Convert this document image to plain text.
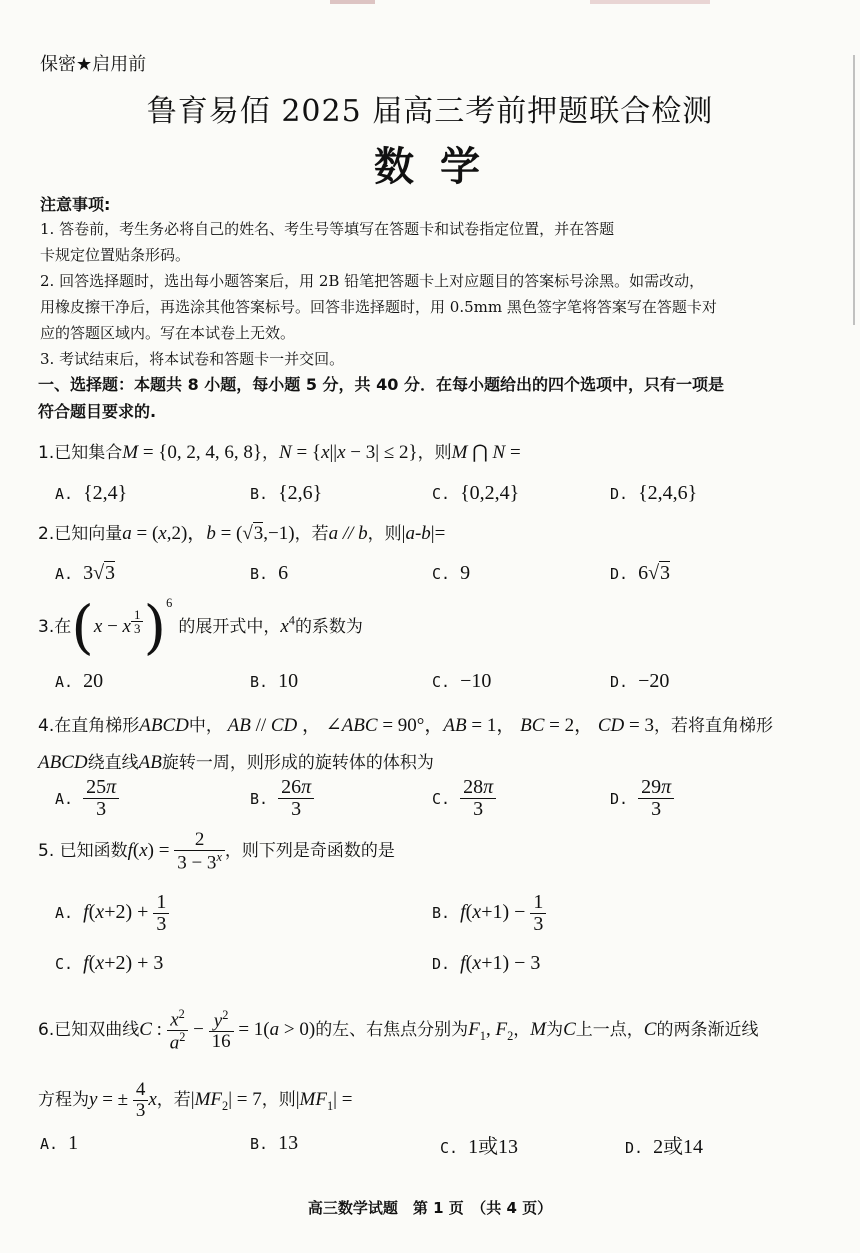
保密★启用前
鲁育易佰 2025 届高三考前押题联合检测
数 学
注意事项:
1. 答卷前，考生务必将自己的姓名、考生号等填写在答题卡和试卷指定位置，并在答题
卡规定位置贴条形码。
2. 回答选择题时，选出每小题答案后，用 2B 铅笔把答题卡上对应题目的答案标号涂黑。如需改动，
用橡皮擦干净后，再选涂其他答案标号。回答非选择题时，用 0.5mm 黑色签字笔将答案写在答题卡对
应的答题区域内。写在本试卷上无效。
3. 考试结束后，将本试卷和答题卡一并交回。
一、选择题：本题共 8 小题，每小题 5 分，共 40 分．在每小题给出的四个选项中，只有一项是
符合题目要求的.
1.已知集合M = {0, 2, 4, 6, 8}，N = {x||x − 3| ≤ 2}，则M ⋂ N =
A. {2,4}	B. {2,6}	C. {0,2,4}	D. {2,4,6}
2.已知向量a = (x,2)，b = (√3,−1)，若a // b，则|a-b|=
A. 3√3	B. 6	C. 9	D. 6√3
3.在(x − x $^{\frac{1}{3}}$ )$^6$ 的展开式中，$x^4$的系数为
A. 20	B. 10	C. −10	D. −20
4.在直角梯形ABCD中， AB // CD ， ∠ABC = 90°，AB = 1， BC = 2， CD = 3，若将直角梯形
ABCD绕直线AB旋转一周，则形成的旋转体的体积为
A. $\frac{25\pi}{3}$	B. $\frac{26\pi}{3}$	C. $\frac{28\pi}{3}$	D. $\frac{29\pi}{3}$
5. 已知函数$f(x) = \frac{2}{3 - 3^x}$ ，则下列是奇函数的是
A. $f(x+2) + \frac{1}{3}$	B. $f(x+1) - \frac{1}{3}$
C. f(x+2) + 3	D. f(x+1) − 3
6.已知双曲线C : $\frac{x^2}{a^2} - \frac{y^2}{16} = 1(a > 0)$的左、右焦点分别为$F_1$, $F_2$，M为C上一点，C的两条渐近线
方程为y = ± $\frac{4}{3}$ x，若$|MF_2| = 7$，则$|MF_1|$ =
A. 1	B. 13	C. 1或13	D. 2或14
高三数学试题　第 1 页　（共 4 页）
